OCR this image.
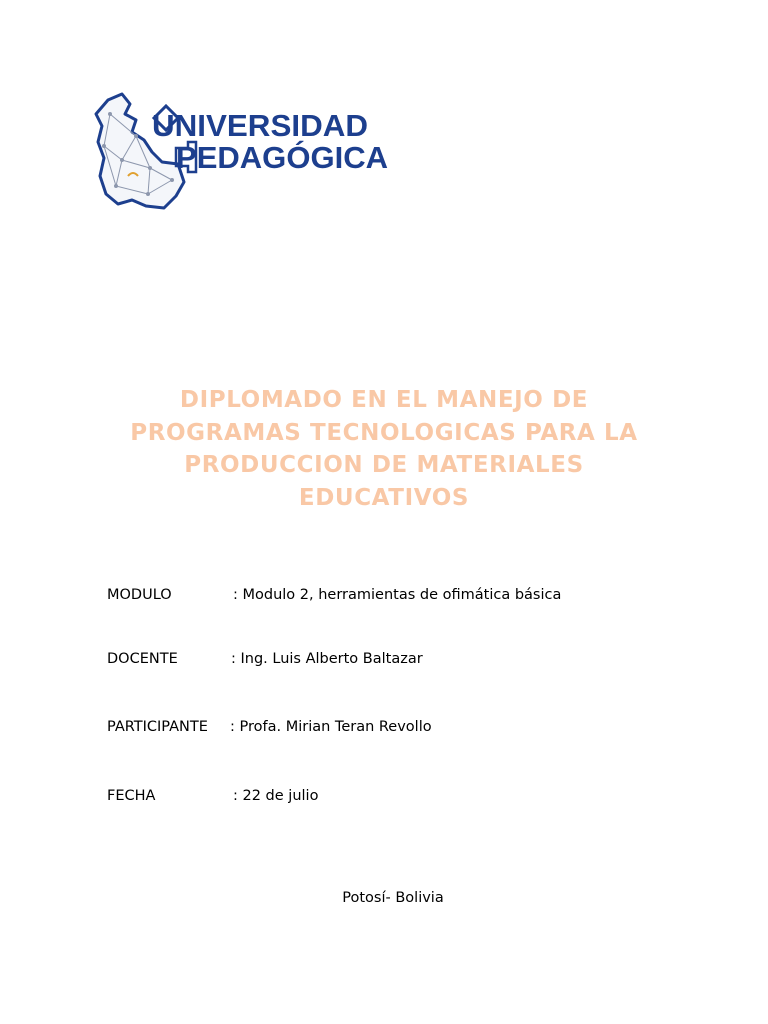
UNIVERSIDAD
PEDAGÓGICA
DIPLOMADO EN EL MANEJO DE
PROGRAMAS TECNOLOGICAS PARA LA
PRODUCCION DE MATERIALES
EDUCATIVOS
MODULO	: Modulo 2, herramientas de ofimática básica
DOCENTE	: Ing. Luis Alberto Baltazar
PARTICIPANTE : Profa. Mirian Teran Revollo
FECHA	: 22 de julio
Potosí- Bolivia
